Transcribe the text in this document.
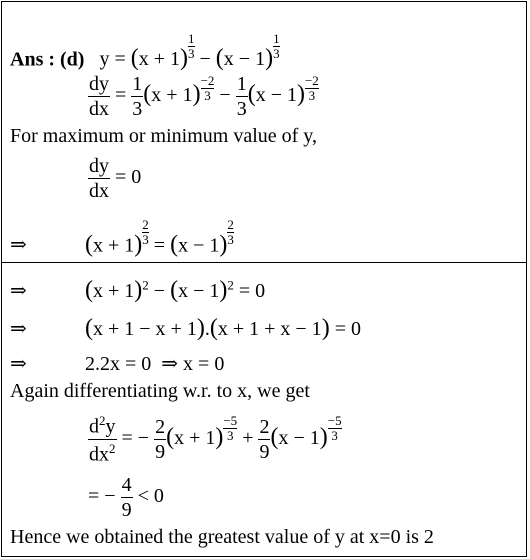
Ans : (d)   $y = (x + 1) \frac{1}{3} - (x - 1) \frac{1}{3}$
$\frac{dy}{dx} = \frac{1}{3} (x + 1) \frac{-2}{3} - \frac{1}{3} (x - 1) \frac{-2}{3}$
For maximum or minimum value of y,
$\frac{dy}{dx} = 0$
⇒ $(x + 1) \frac{2}{3} = (x - 1) \frac{2}{3}$
⇒ $(x + 1)^2 - (x - 1)^2 = 0$
⇒ (x + 1 − x + 1).(x + 1 + x − 1) = 0
⇒	2.2x = 0  ⇒ x = 0
Again differentiating w.r. to x, we get
$\frac{d^2y}{dx^2}$ = − $\frac{2}{9} (x + 1) \frac{-5}{3} + \frac{2}{9} (x - 1) \frac{-5}{3}$
= − $\frac{4}{9} < 0$
Hence we obtained the greatest value of y at x=0 is 2
